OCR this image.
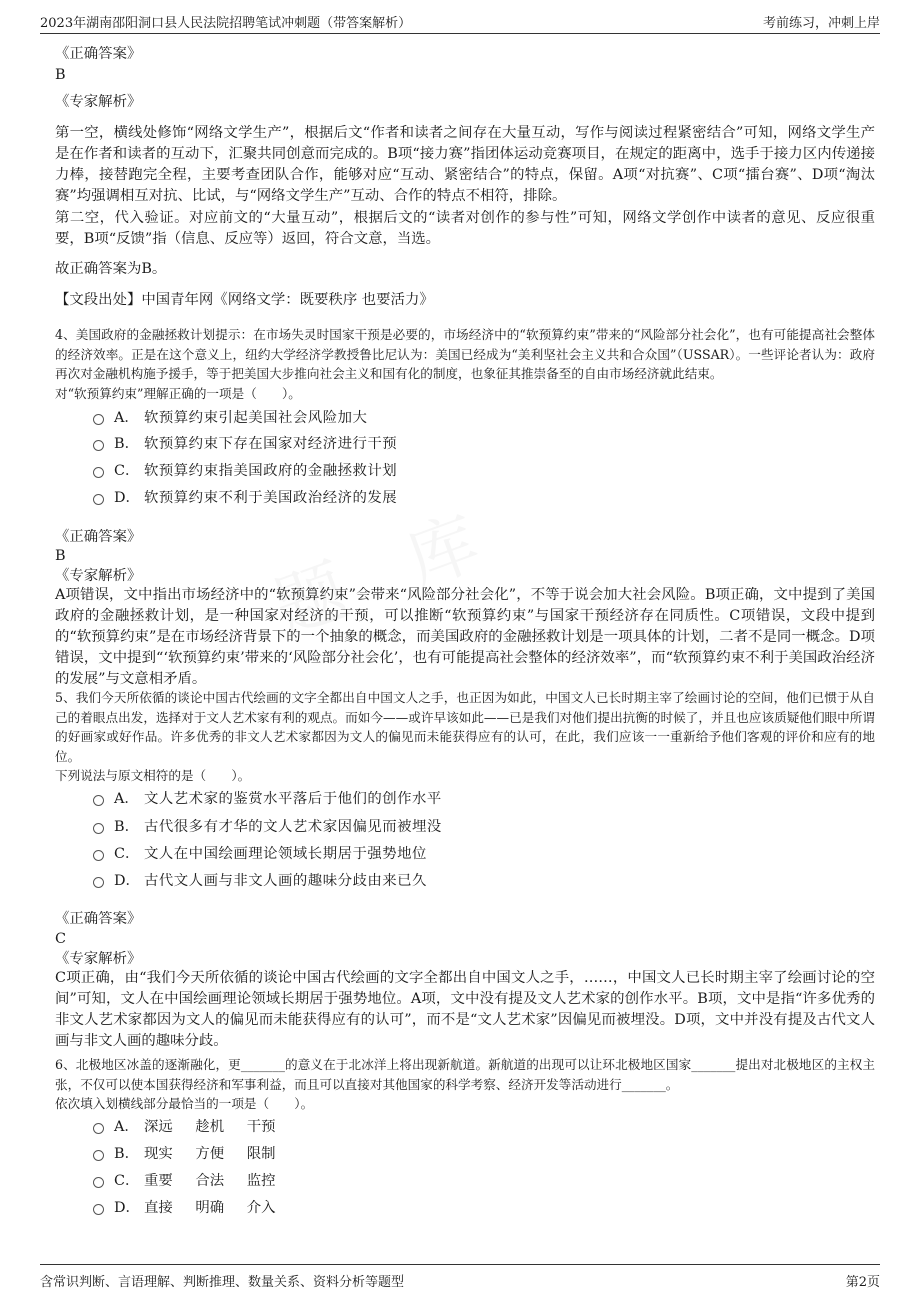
2023年湖南邵阳洞口县人民法院招聘笔试冲刺题（带答案解析）	考前练习，冲刺上岸
《正确答案》
B
《专家解析》
第一空，横线处修饰“网络文学生产”，根据后文“作者和读者之间存在大量互动，写作与阅读过程紧密结合”可知，网络文学生产是在作者和读者的互动下，汇聚共同创意而完成的。B项“接力赛”指团体运动竞赛项目，在规定的距离中，选手于接力区内传递接力棒，接替跑完全程，主要考查团队合作，能够对应“互动、紧密结合”的特点，保留。A项“对抗赛”、C项“擂台赛”、D项“淘汰赛”均强调相互对抗、比试，与“网络文学生产”互动、合作的特点不相符，排除。
第二空，代入验证。对应前文的“大量互动”，根据后文的“读者对创作的参与性”可知，网络文学创作中读者的意见、反应很重要，B项“反馈”指（信息、反应等）返回，符合文意，当选。
故正确答案为B。
【文段出处】中国青年网《网络文学：既要秩序 也要活力》
4、美国政府的金融拯救计划提示：在市场失灵时国家干预是必要的，市场经济中的“软预算约束”带来的“风险部分社会化”，也有可能提高社会整体的经济效率。正是在这个意义上，纽约大学经济学教授鲁比尼认为：美国已经成为“美利坚社会主义共和合众国”（USSAR）。一些评论者认为：政府再次对金融机构施予援手，等于把美国大步推向社会主义和国有化的制度，也象征其推崇备至的自由市场经济就此结束。
对“软预算约束”理解正确的一项是（　　）。
A． 软预算约束引起美国社会风险加大
B． 软预算约束下存在国家对经济进行干预
C． 软预算约束指美国政府的金融拯救计划
D． 软预算约束不利于美国政治经济的发展
《正确答案》
B
《专家解析》
A项错误，文中指出市场经济中的“软预算约束”会带来“风险部分社会化”，不等于说会加大社会风险。B项正确，文中提到了美国政府的金融拯救计划，是一种国家对经济的干预，可以推断“软预算约束”与国家干预经济存在同质性。C项错误，文段中提到的“软预算约束”是在市场经济背景下的一个抽象的概念，而美国政府的金融拯救计划是一项具体的计划，二者不是同一概念。D项错误，文中提到“‘软预算约束’带来的‘风险部分社会化’，也有可能提高社会整体的经济效率”，而“软预算约束不利于美国政治经济的发展”与文意相矛盾。
5、我们今天所依循的谈论中国古代绘画的文字全都出自中国文人之手，也正因为如此，中国文人已长时期主宰了绘画讨论的空间，他们已惯于从自己的着眼点出发，选择对于文人艺术家有利的观点。而如今——或许早该如此——已是我们对他们提出抗衡的时候了，并且也应该质疑他们眼中所谓的好画家或好作品。许多优秀的非文人艺术家都因为文人的偏见而未能获得应有的认可，在此，我们应该一一重新给予他们客观的评价和应有的地位。
下列说法与原文相符的是（　　）。
A． 文人艺术家的鉴赏水平落后于他们的创作水平
B． 古代很多有才华的文人艺术家因偏见而被埋没
C． 文人在中国绘画理论领域长期居于强势地位
D． 古代文人画与非文人画的趣味分歧由来已久
《正确答案》
C
《专家解析》
C项正确，由“我们今天所依循的谈论中国古代绘画的文字全都出自中国文人之手，……，中国文人已长时期主宰了绘画讨论的空间”可知，文人在中国绘画理论领域长期居于强势地位。A项，文中没有提及文人艺术家的创作水平。B项，文中是指“许多优秀的非文人艺术家都因为文人的偏见而未能获得应有的认可”，而不是“文人艺术家”因偏见而被埋没。D项，文中并没有提及古代文人画与非文人画的趣味分歧。
6、北极地区冰盖的逐渐融化，更_______的意义在于北冰洋上将出现新航道。新航道的出现可以让环北极地区国家_______提出对北极地区的主权主张，不仅可以使本国获得经济和军事利益，而且可以直接对其他国家的科学考察、经济开发等活动进行_______。
依次填入划横线部分最恰当的一项是（　　）。
A． 深远 趁机 干预
B． 现实 方便 限制
C． 重要 合法 监控
D． 直接 明确 介入
含常识判断、言语理解、判断推理、数量关系、资料分析等题型	第2页
